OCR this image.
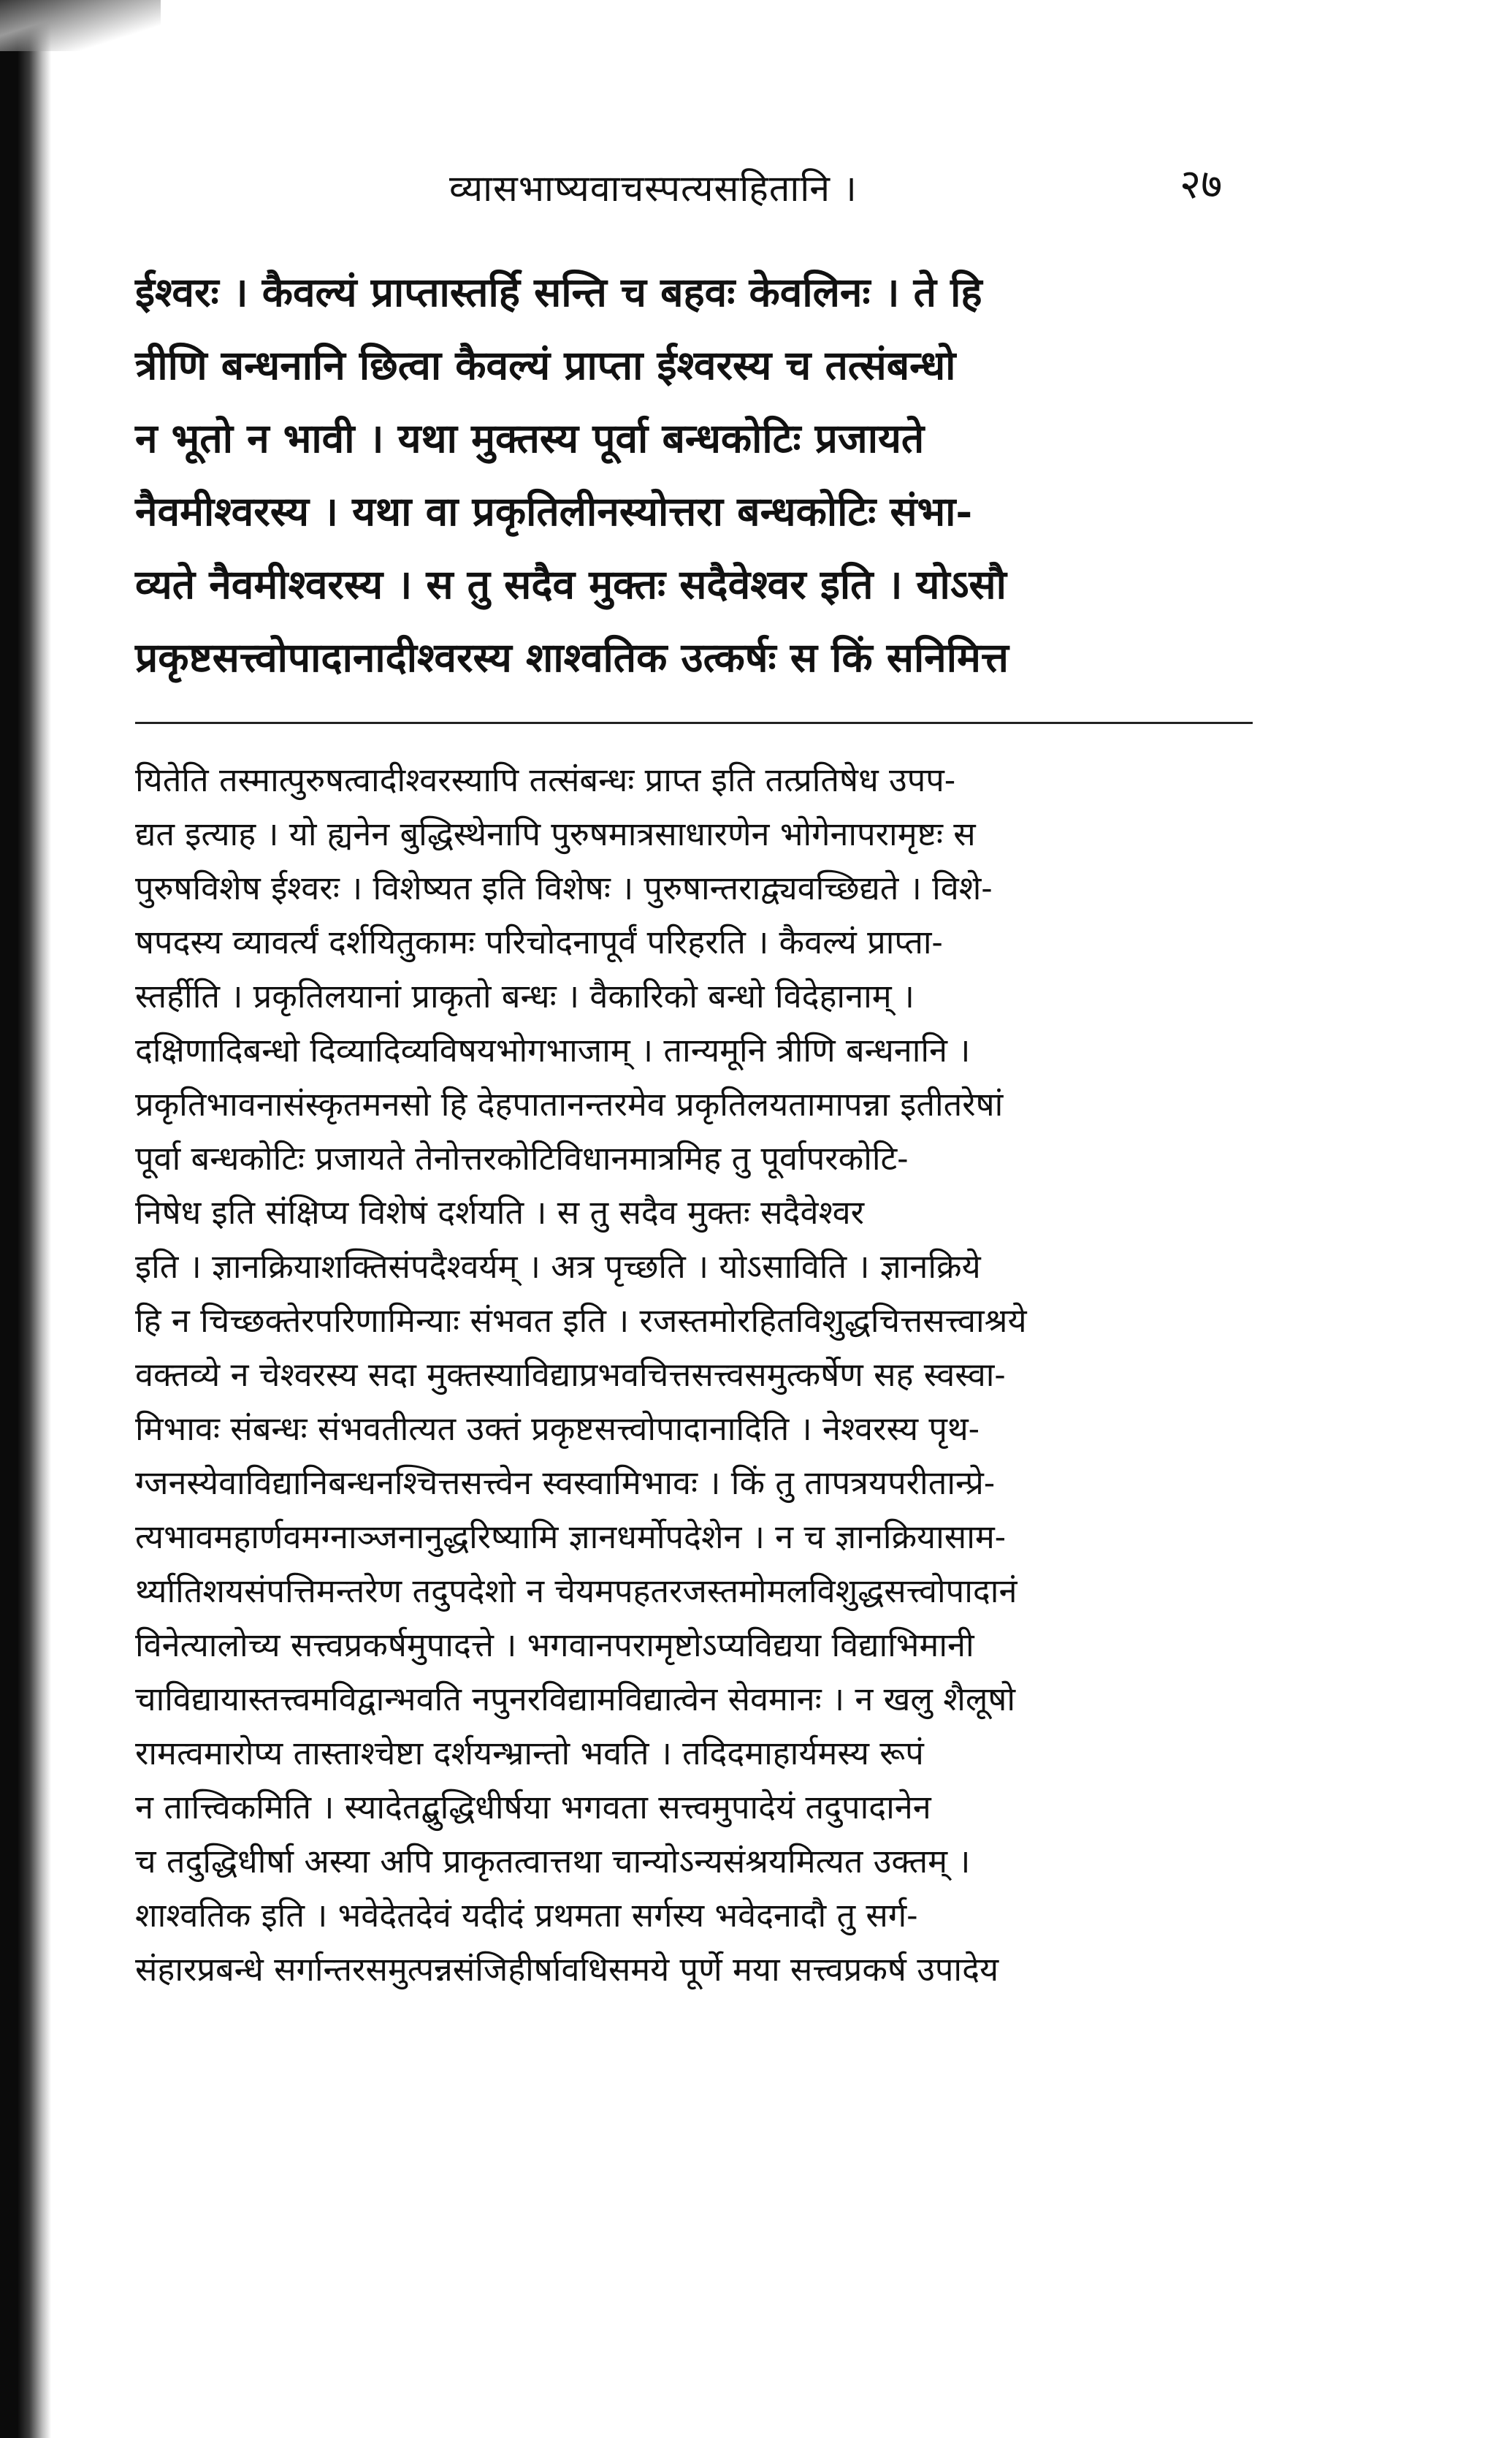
व्यासभाष्यवाचस्पत्यसहितानि ।	२७
ईश्वरः । कैवल्यं प्राप्तास्तर्हि सन्ति च बहवः केवलिनः । ते हि
त्रीणि बन्धनानि छित्वा कैवल्यं प्राप्ता ईश्वरस्य च तत्संबन्धो
न भूतो न भावी । यथा मुक्तस्य पूर्वा बन्धकोटिः प्रजायते
नैवमीश्वरस्य । यथा वा प्रकृतिलीनस्योत्तरा बन्धकोटिः संभा-
व्यते नैवमीश्वरस्य । स तु सदैव मुक्तः सदैवेश्वर इति । योऽसौ
प्रकृष्टसत्त्वोपादानादीश्वरस्य शाश्वतिक उत्कर्षः स किं सनिमित्त
यितेति तस्मात्पुरुषत्वादीश्वरस्यापि तत्संबन्धः प्राप्त इति तत्प्रतिषेध उपप-
द्यत इत्याह । यो ह्यनेन बुद्धिस्थेनापि पुरुषमात्रसाधारणेन भोगेनापरामृष्टः स
पुरुषविशेष ईश्वरः । विशेष्यत इति विशेषः । पुरुषान्तराद्व्यवच्छिद्यते । विशे-
षपदस्य व्यावर्त्यं दर्शयितुकामः परिचोदनापूर्वं परिहरति । कैवल्यं प्राप्ता-
स्तर्हीति । प्रकृतिलयानां प्राकृतो बन्धः । वैकारिको बन्धो विदेहानाम् ।
दक्षिणादिबन्धो दिव्यादिव्यविषयभोगभाजाम् । तान्यमूनि त्रीणि बन्धनानि ।
प्रकृतिभावनासंस्कृतमनसो हि देहपातानन्तरमेव प्रकृतिलयतामापन्ना इतीतरेषां
पूर्वा बन्धकोटिः प्रजायते तेनोत्तरकोटिविधानमात्रमिह तु पूर्वापरकोटि-
निषेध इति संक्षिप्य विशेषं दर्शयति । स तु सदैव मुक्तः सदैवेश्वर
इति । ज्ञानक्रियाशक्तिसंपदैश्वर्यम् । अत्र पृच्छति । योऽसाविति । ज्ञानक्रिये
हि न चिच्छक्तेरपरिणामिन्याः संभवत इति । रजस्तमोरहितविशुद्धचित्तसत्त्वाश्रये
वक्तव्ये न चेश्वरस्य सदा मुक्तस्याविद्याप्रभवचित्तसत्त्वसमुत्कर्षेण सह स्वस्वा-
मिभावः संबन्धः संभवतीत्यत उक्तं प्रकृष्टसत्त्वोपादानादिति । नेश्वरस्य पृथ-
ग्जनस्येवाविद्यानिबन्धनश्चित्तसत्त्वेन स्वस्वामिभावः । किं तु तापत्रयपरीतान्प्रे-
त्यभावमहार्णवमग्नाञ्जनानुद्धरिष्यामि ज्ञानधर्मोपदेशेन । न च ज्ञानक्रियासाम-
र्थ्यातिशयसंपत्तिमन्तरेण तदुपदेशो न चेयमपहतरजस्तमोमलविशुद्धसत्त्वोपादानं
विनेत्यालोच्य सत्त्वप्रकर्षमुपादत्ते । भगवानपरामृष्टोऽप्यविद्यया विद्याभिमानी
चाविद्यायास्तत्त्वमविद्वान्भवति नपुनरविद्यामविद्यात्वेन सेवमानः । न खलु शैलूषो
रामत्वमारोप्य तास्ताश्चेष्टा दर्शयन्भ्रान्तो भवति । तदिदमाहार्यमस्य रूपं
न तात्त्विकमिति । स्यादेतद्बुद्धिधीर्षया भगवता सत्त्वमुपादेयं तदुपादानेन
च तदुद्धिधीर्षा अस्या अपि प्राकृतत्वात्तथा चान्योऽन्यसंश्रयमित्यत उक्तम् ।
शाश्वतिक इति । भवेदेतदेवं यदीदं प्रथमता सर्गस्य भवेदनादौ तु सर्ग-
संहारप्रबन्धे सर्गान्तरसमुत्पन्नसंजिहीर्षावधिसमये पूर्णे मया सत्त्वप्रकर्ष उपादेय
